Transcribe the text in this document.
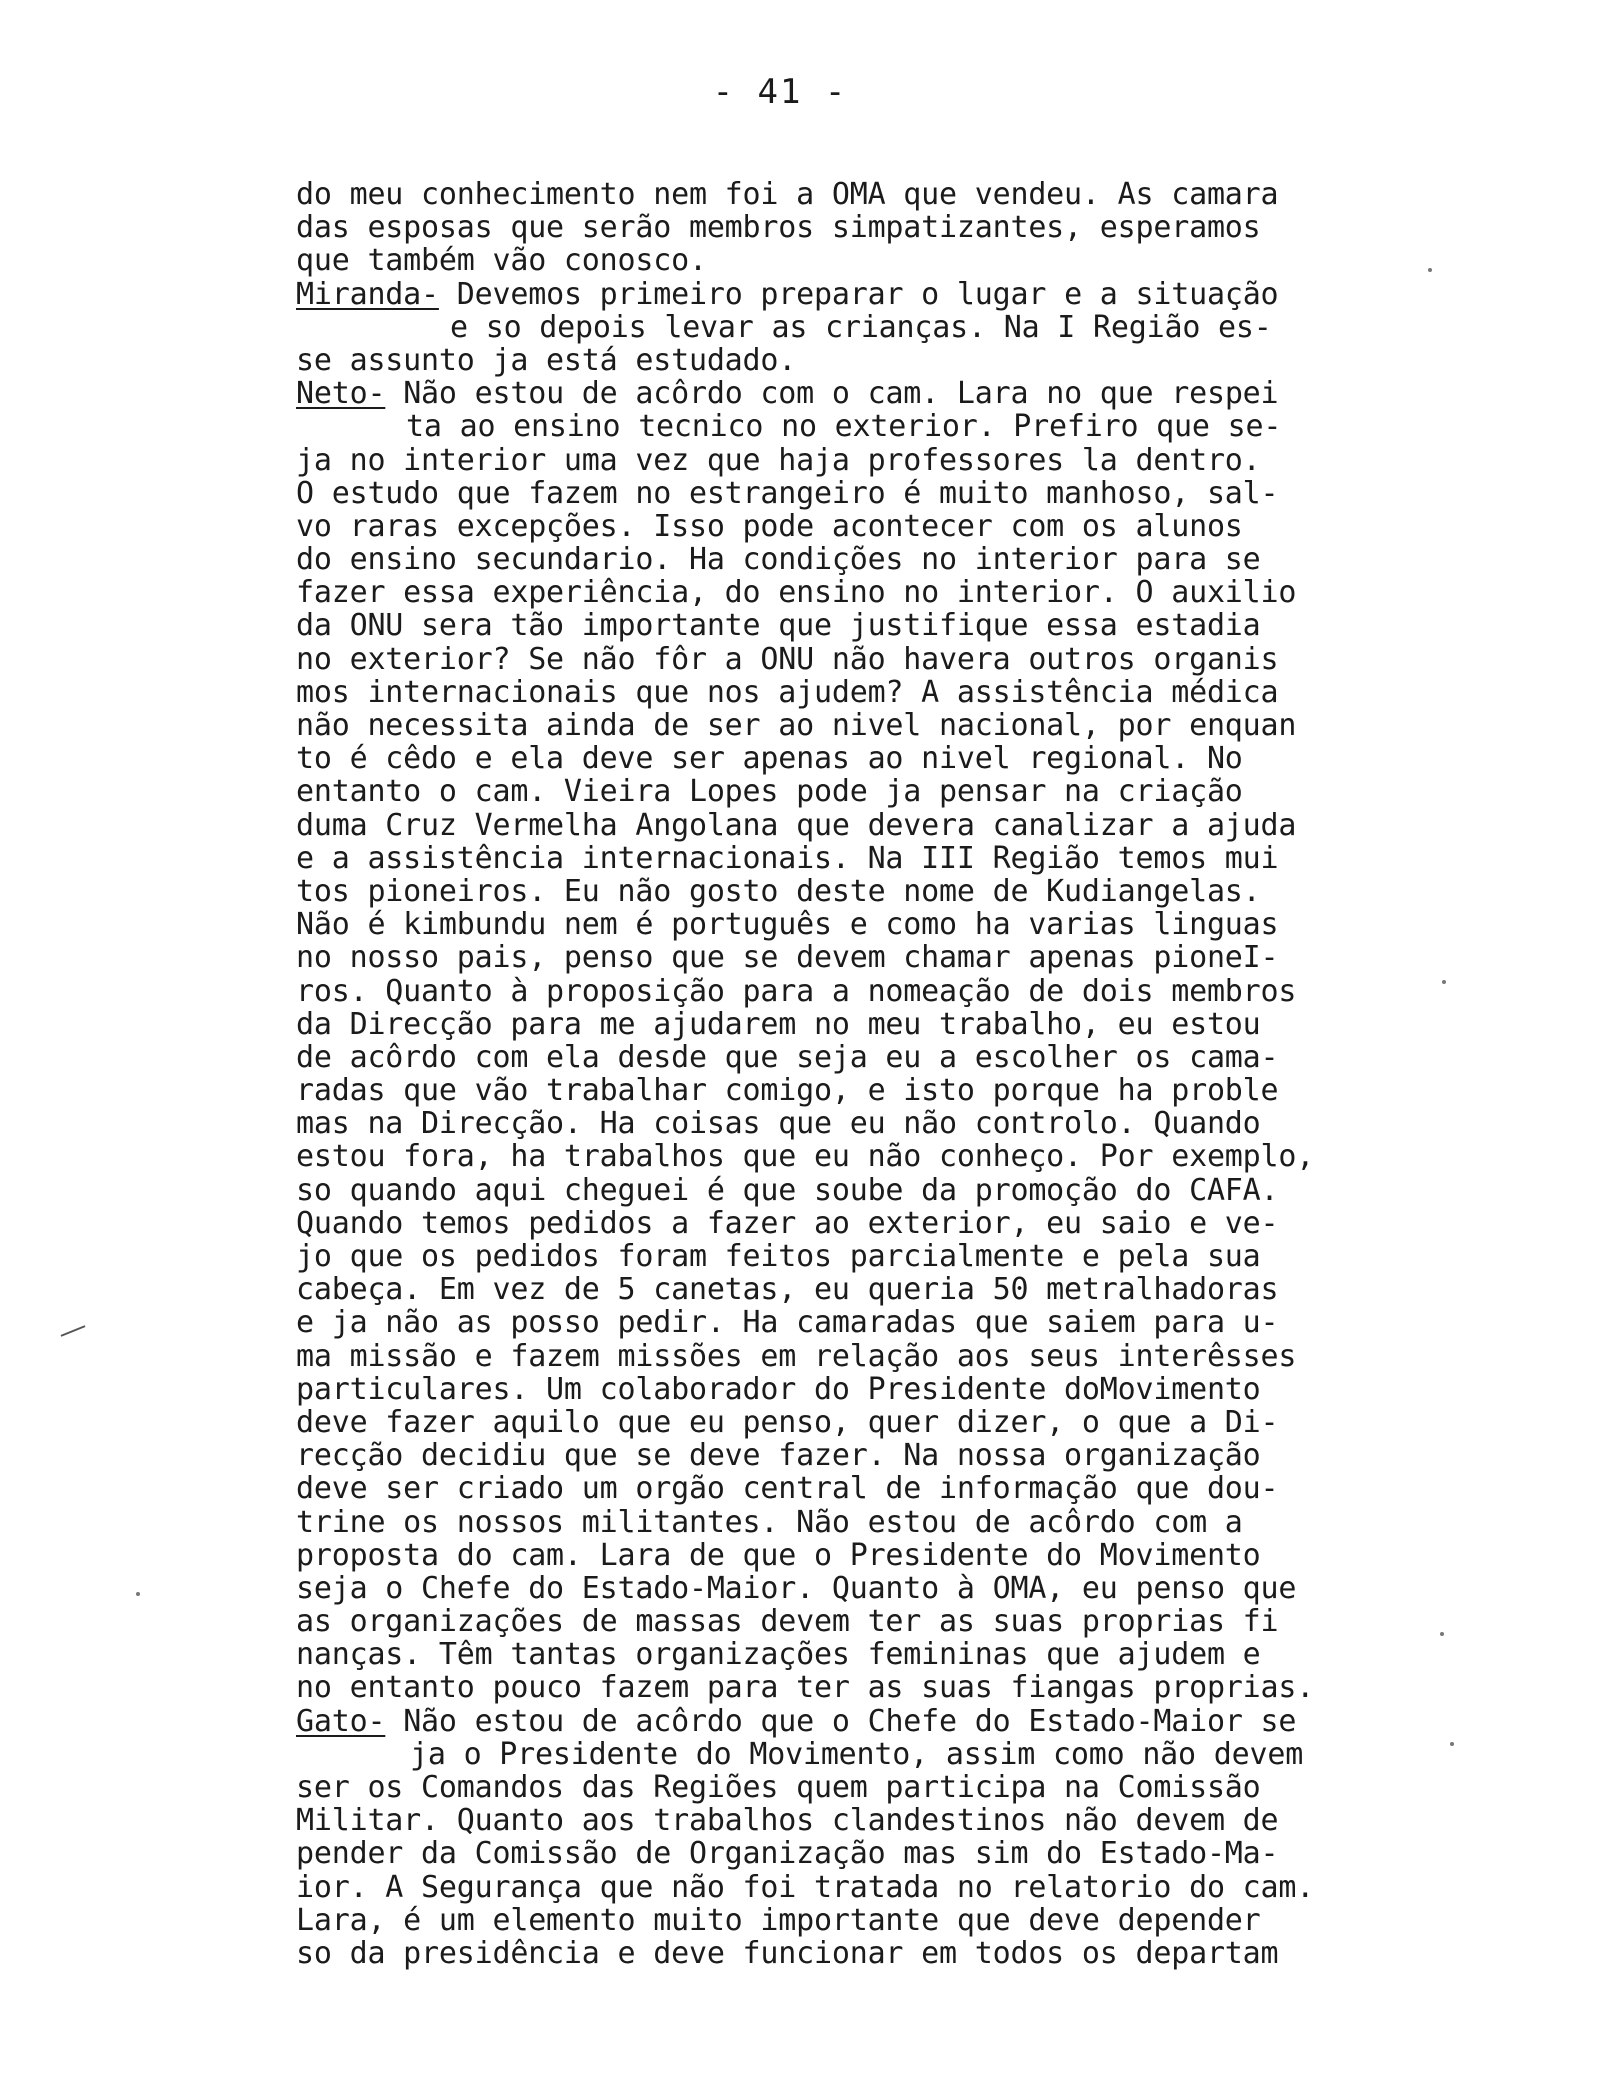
- 41 -
do meu conhecimento nem foi a OMA que vendeu. As camara
das esposas que serão membros simpatizantes, esperamos
que também vão conosco.
Miranda- Devemos primeiro preparar o lugar e a situação
e so depois levar as crianças. Na I Região es-
se assunto ja está estudado.
Neto- Não estou de acôrdo com o cam. Lara no que respei
ta ao ensino tecnico no exterior. Prefiro que se-
ja no interior uma vez que haja professores la dentro.
O estudo que fazem no estrangeiro é muito manhoso, sal-
vo raras excepções. Isso pode acontecer com os alunos
do ensino secundario. Ha condições no interior para se
fazer essa experiência, do ensino no interior. O auxilio
da ONU sera tão importante que justifique essa estadia
no exterior? Se não fôr a ONU não havera outros organis
mos internacionais que nos ajudem? A assistência médica
não necessita ainda de ser ao nivel nacional, por enquan
to é cêdo e ela deve ser apenas ao nivel regional. No
entanto o cam. Vieira Lopes pode ja pensar na criação
duma Cruz Vermelha Angolana que devera canalizar a ajuda
e a assistência internacionais. Na III Região temos mui
tos pioneiros. Eu não gosto deste nome de Kudiangelas.
Não é kimbundu nem é português e como ha varias linguas
no nosso pais, penso que se devem chamar apenas pioneI-
ros. Quanto à proposição para a nomeação de dois membros
da Direcção para me ajudarem no meu trabalho, eu estou
de acôrdo com ela desde que seja eu a escolher os cama-
radas que vão trabalhar comigo, e isto porque ha proble
mas na Direcção. Ha coisas que eu não controlo. Quando
estou fora, ha trabalhos que eu não conheço. Por exemplo,
so quando aqui cheguei é que soube da promoção do CAFA.
Quando temos pedidos a fazer ao exterior, eu saio e ve-
jo que os pedidos foram feitos parcialmente e pela sua
cabeça. Em vez de 5 canetas, eu queria 50 metralhadoras
e ja não as posso pedir. Ha camaradas que saiem para u-
ma missão e fazem missões em relação aos seus interêsses
particulares. Um colaborador do Presidente doMovimento
deve fazer aquilo que eu penso, quer dizer, o que a Di-
recção decidiu que se deve fazer. Na nossa organização
deve ser criado um orgão central de informação que dou-
trine os nossos militantes. Não estou de acôrdo com a
proposta do cam. Lara de que o Presidente do Movimento
seja o Chefe do Estado-Maior. Quanto à OMA, eu penso que
as organizações de massas devem ter as suas proprias fi
nanças. Têm tantas organizações femininas que ajudem e
no entanto pouco fazem para ter as suas fiangas proprias.
Gato- Não estou de acôrdo que o Chefe do Estado-Maior se
ja o Presidente do Movimento, assim como não devem
ser os Comandos das Regiões quem participa na Comissão
Militar. Quanto aos trabalhos clandestinos não devem de
pender da Comissão de Organização mas sim do Estado-Ma-
ior. A Segurança que não foi tratada no relatorio do cam.
Lara, é um elemento muito importante que deve depender
so da presidência e deve funcionar em todos os departam
